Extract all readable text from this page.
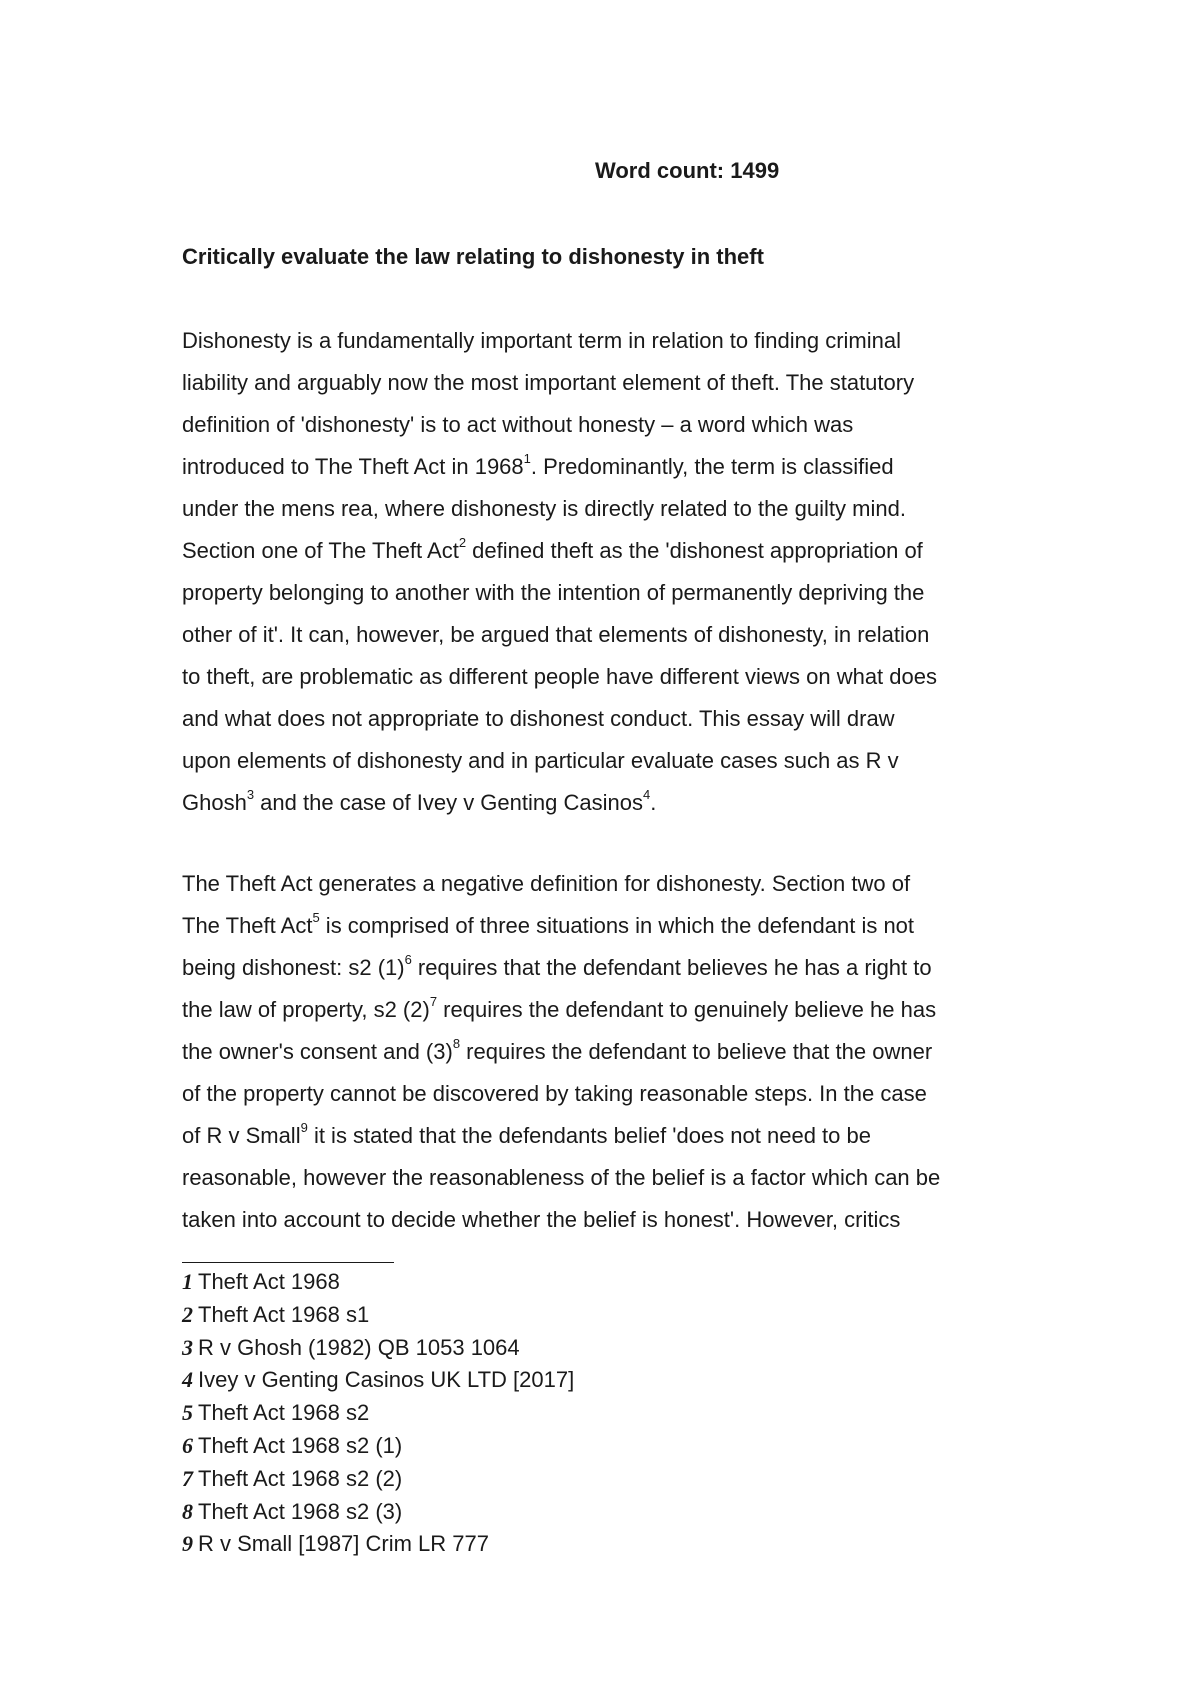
Word count: 1499
Critically evaluate the law relating to dishonesty in theft
Dishonesty is a fundamentally important term in relation to finding criminal
liability and arguably now the most important element of theft. The statutory
definition of 'dishonesty' is to act without honesty – a word which was
introduced to The Theft Act in 1968$^1$. Predominantly, the term is classified
under the mens rea, where dishonesty is directly related to the guilty mind.
Section one of The Theft Act$^2$ defined theft as the 'dishonest appropriation of
property belonging to another with the intention of permanently depriving the
other of it'. It can, however, be argued that elements of dishonesty, in relation
to theft, are problematic as different people have different views on what does
and what does not appropriate to dishonest conduct. This essay will draw
upon elements of dishonesty and in particular evaluate cases such as R v
Ghosh$^3$ and the case of Ivey v Genting Casinos$^4$.
The Theft Act generates a negative definition for dishonesty. Section two of
The Theft Act$^5$ is comprised of three situations in which the defendant is not
being dishonest: s2 $(1)^6$ requires that the defendant believes he has a right to
the law of property, s2 $(2)^7$ requires the defendant to genuinely believe he has
the owner's consent and $(3)^8$ requires the defendant to believe that the owner
of the property cannot be discovered by taking reasonable steps. In the case
of R v Small$^9$ it is stated that the defendants belief 'does not need to be
reasonable, however the reasonableness of the belief is a factor which can be
taken into account to decide whether the belief is honest'. However, critics
1 Theft Act 1968
2 Theft Act 1968 s1
3 R v Ghosh (1982) QB 1053 1064
4 Ivey v Genting Casinos UK LTD [2017]
5 Theft Act 1968 s2
6 Theft Act 1968 s2 (1)
7 Theft Act 1968 s2 (2)
8 Theft Act 1968 s2 (3)
9 R v Small [1987] Crim LR 777
